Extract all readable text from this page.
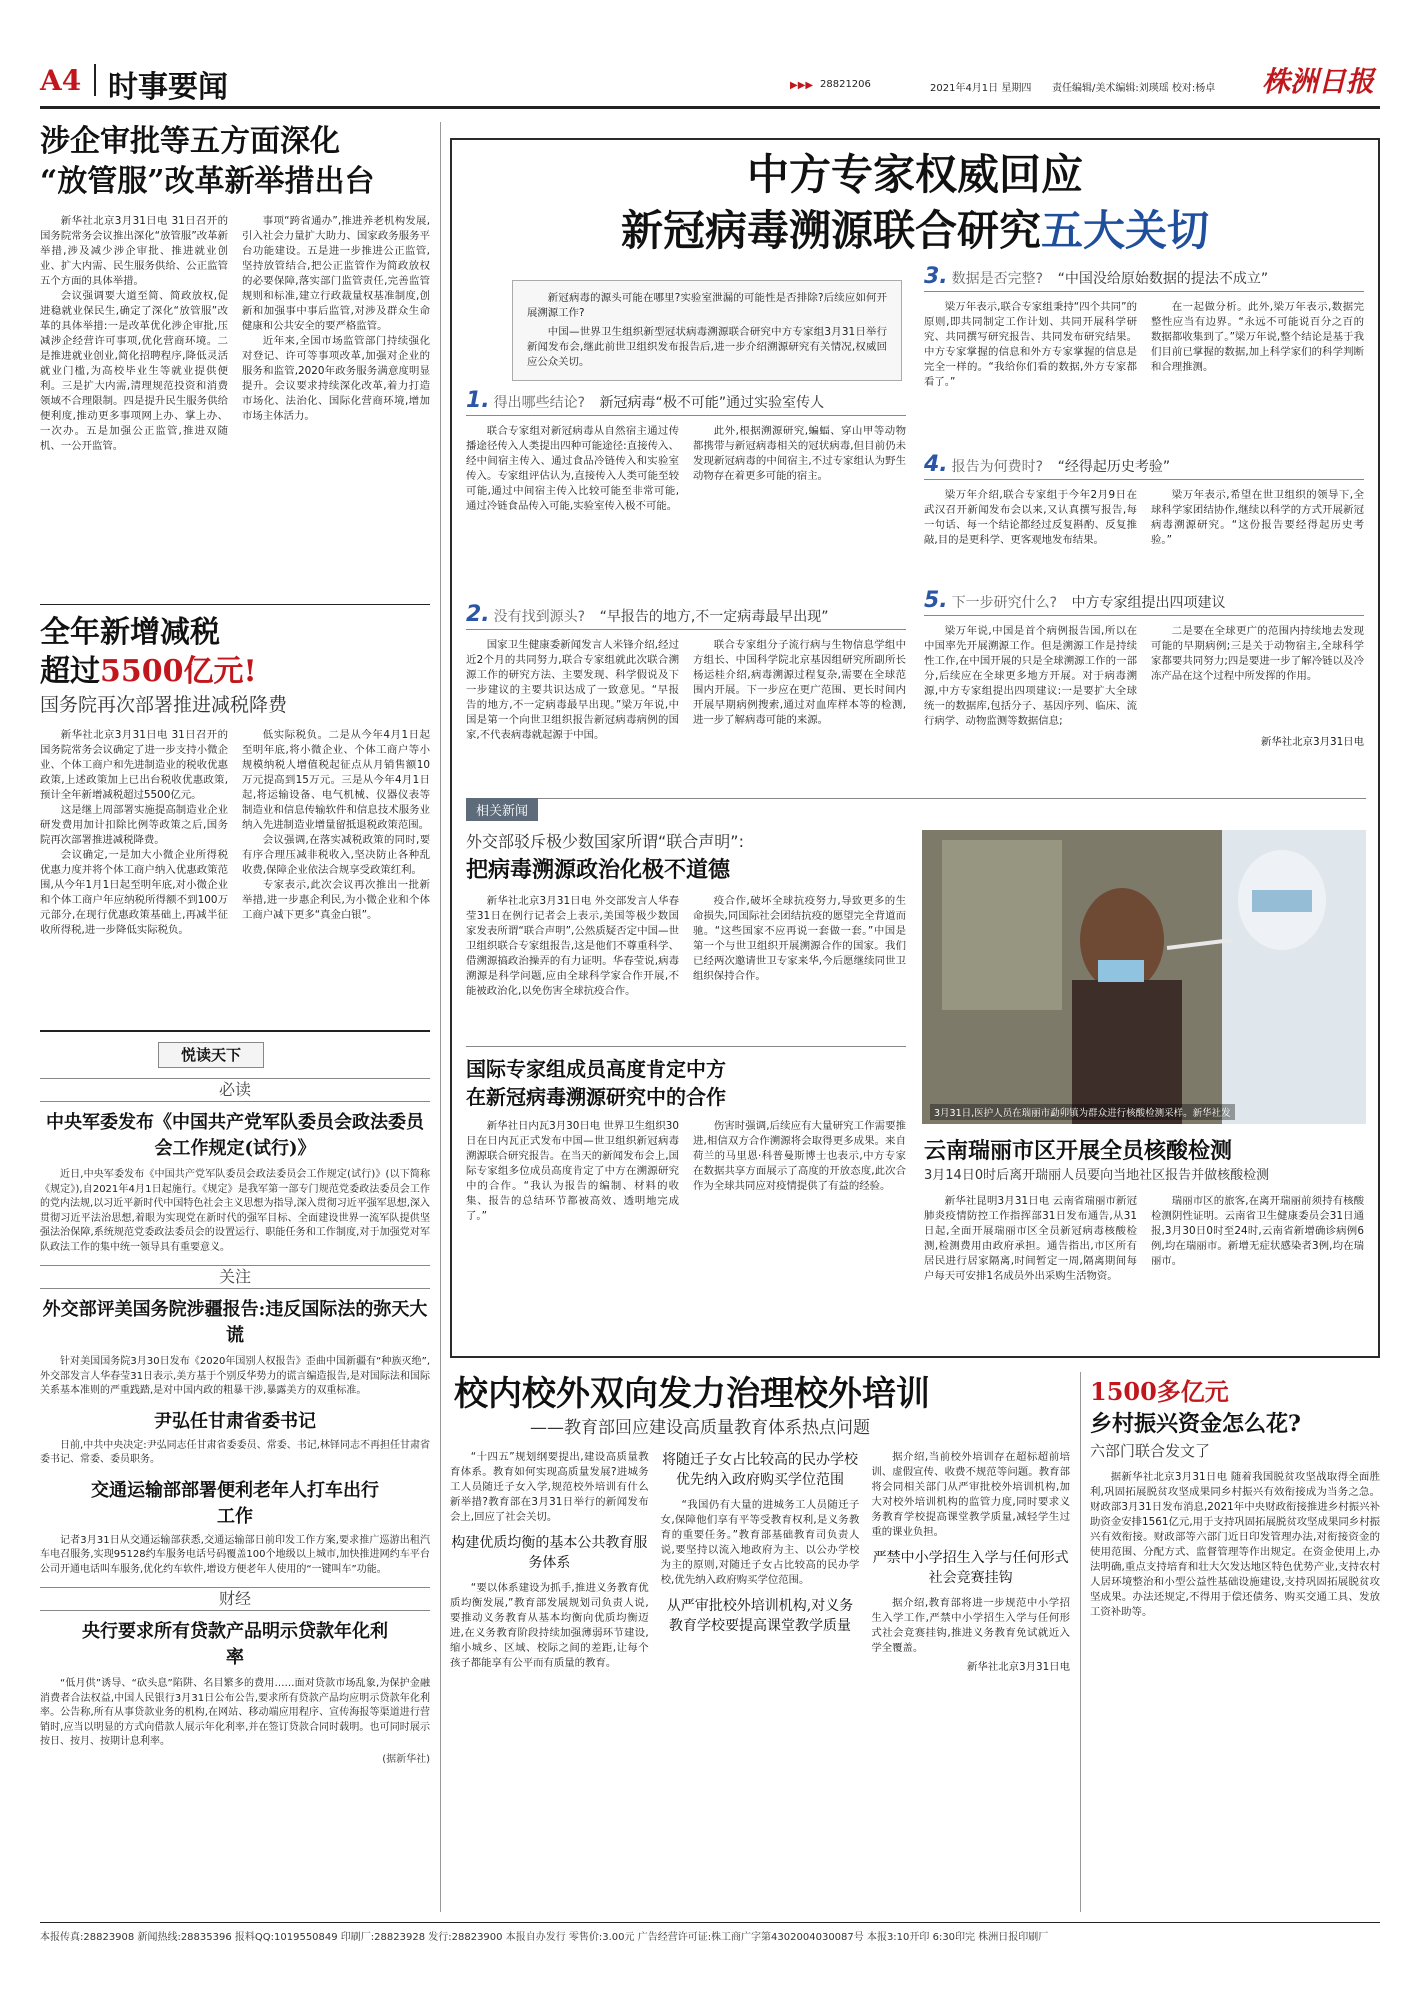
A4 时事要闻	▶▶▶ 28821206	2021年4月1日 星期四 责任编辑/美术编辑:刘瑛瑶 校对:杨卓 株洲日报
涉企审批等五方面深化
“放管服”改革新举措出台

新华社北京3月31日电 31日召开的国务院常务会议推出深化“放管服”改革新举措,涉及减少涉企审批、推进就业创业、扩大内需、民生服务供给、公正监管五个方面的具体举措。

会议强调要大道至简、简政放权,促进稳就业保民生,确定了深化“放管服”改革的具体举措:一是改革优化涉企审批,压减涉企经营许可事项,优化营商环境。二是推进就业创业,简化招聘程序,降低灵活就业门槛,为高校毕业生等就业提供便利。三是扩大内需,清理规范投资和消费领域不合理限制。四是提升民生服务供给便利度,推动更多事项网上办、掌上办、一次办。五是加强公正监管,推进双随机、一公开监管。

事项“跨省通办”,推进养老机构发展,引入社会力量扩大助力、国家政务服务平台功能建设。五是进一步推进公正监管,坚持放管结合,把公正监管作为简政放权的必要保障,落实部门监管责任,完善监管规则和标准,建立行政裁量权基准制度,创新和加强事中事后监管,对涉及群众生命健康和公共安全的要严格监管。

近年来,全国市场监管部门持续强化对登记、许可等事项改革,加强对企业的服务和监管,2020年政务服务满意度明显提升。会议要求持续深化改革,着力打造市场化、法治化、国际化营商环境,增加市场主体活力。

全年新增减税
超过5500亿元!
国务院再次部署推进减税降费

新华社北京3月31日电 31日召开的国务院常务会议确定了进一步支持小微企业、个体工商户和先进制造业的税收优惠政策,上述政策加上已出台税收优惠政策,预计全年新增减税超过5500亿元。

这是继上周部署实施提高制造业企业研发费用加计扣除比例等政策之后,国务院再次部署推进减税降费。

会议确定,一是加大小微企业所得税优惠力度并将个体工商户纳入优惠政策范围,从今年1月1日起至明年底,对小微企业和个体工商户年应纳税所得额不到100万元部分,在现行优惠政策基础上,再减半征收所得税,进一步降低实际税负。

低实际税负。二是从今年4月1日起至明年底,将小微企业、个体工商户等小规模纳税人增值税起征点从月销售额10万元提高到15万元。三是从今年4月1日起,将运输设备、电气机械、仪器仪表等制造业和信息传输软件和信息技术服务业纳入先进制造业增量留抵退税政策范围。

会议强调,在落实减税政策的同时,要有序合理压减非税收入,坚决防止各种乱收费,保障企业依法合规享受政策红利。

专家表示,此次会议再次推出一批新举措,进一步惠企利民,为小微企业和个体工商户减下更多“真金白银”。

悦读天下
必读
中央军委发布《中国共产党军队委员会政法委员会工作规定(试行)》

近日,中央军委发布《中国共产党军队委员会政法委员会工作规定(试行)》(以下简称《规定》),自2021年4月1日起施行。《规定》是我军第一部专门规范党委政法委员会工作的党内法规,以习近平新时代中国特色社会主义思想为指导,深入贯彻习近平强军思想,深入贯彻习近平法治思想,着眼为实现党在新时代的强军目标、全面建设世界一流军队提供坚强法治保障,系统规范党委政法委员会的设置运行、职能任务和工作制度,对于加强党对军队政法工作的集中统一领导具有重要意义。

关注
外交部评美国务院涉疆报告:违反国际法的弥天大谎

针对美国国务院3月30日发布《2020年国别人权报告》歪曲中国新疆有“种族灭绝”,外交部发言人华春莹31日表示,美方基于个别反华势力的谎言编造报告,是对国际法和国际关系基本准则的严重践踏,是对中国内政的粗暴干涉,暴露美方的双重标准。

尹弘任甘肃省委书记

日前,中共中央决定:尹弘同志任甘肃省委委员、常委、书记,林铎同志不再担任甘肃省委书记、常委、委员职务。

交通运输部部署便利老年人打车出行工作

记者3月31日从交通运输部获悉,交通运输部日前印发工作方案,要求推广巡游出租汽车电召服务,实现95128约车服务电话号码覆盖100个地级以上城市,加快推进网约车平台公司开通电话叫车服务,优化约车软件,增设方便老年人使用的“一键叫车”功能。

财经
央行要求所有贷款产品明示贷款年化利率

“低月供”诱导、“砍头息”陷阱、名目繁多的费用……面对贷款市场乱象,为保护金融消费者合法权益,中国人民银行3月31日公布公告,要求所有贷款产品均应明示贷款年化利率。公告称,所有从事贷款业务的机构,在网站、移动端应用程序、宣传海报等渠道进行营销时,应当以明显的方式向借款人展示年化利率,并在签订贷款合同时载明。也可同时展示按日、按月、按期计息利率。

(据新华社)
中方专家权威回应
新冠病毒溯源联合研究五大关切

新冠病毒的源头可能在哪里?实验室泄漏的可能性是否排除?后续应如何开展溯源工作?

中国—世界卫生组织新型冠状病毒溯源联合研究中方专家组3月31日举行新闻发布会,继此前世卫组织发布报告后,进一步介绍溯源研究有关情况,权威回应公众关切。

1. 得出哪些结论? 新冠病毒“极不可能”通过实验室传人

联合专家组对新冠病毒从自然宿主通过传播途径传入人类提出四种可能途径:直接传入、经中间宿主传入、通过食品冷链传入和实验室传入。专家组评估认为,直接传入人类可能至较可能,通过中间宿主传入比较可能至非常可能,通过冷链食品传入可能,实验室传入极不可能。

此外,根据溯源研究,蝙蝠、穿山甲等动物都携带与新冠病毒相关的冠状病毒,但目前仍未发现新冠病毒的中间宿主,不过专家组认为野生动物存在着更多可能的宿主。

2. 没有找到源头? “早报告的地方,不一定病毒最早出现”

国家卫生健康委新闻发言人米锋介绍,经过近2个月的共同努力,联合专家组就此次联合溯源工作的研究方法、主要发现、科学假说及下一步建议的主要共识达成了一致意见。“早报告的地方,不一定病毒最早出现。”梁万年说,中国是第一个向世卫组织报告新冠病毒病例的国家,不代表病毒就起源于中国。

联合专家组分子流行病与生物信息学组中方组长、中国科学院北京基因组研究所副所长杨运桂介绍,病毒溯源过程复杂,需要在全球范围内开展。下一步应在更广范围、更长时间内开展早期病例搜索,通过对血库样本等的检测,进一步了解病毒可能的来源。

3. 数据是否完整? “中国没给原始数据的提法不成立”

梁万年表示,联合专家组秉持“四个共同”的原则,即共同制定工作计划、共同开展科学研究、共同撰写研究报告、共同发布研究结果。中方专家掌握的信息和外方专家掌握的信息是完全一样的。“我给你们看的数据,外方专家都看了。”

在一起做分析。此外,梁万年表示,数据完整性应当有边界。“永远不可能说百分之百的数据都收集到了。”梁万年说,整个结论是基于我们目前已掌握的数据,加上科学家们的科学判断和合理推测。

4. 报告为何费时? “经得起历史考验”

梁万年介绍,联合专家组于今年2月9日在武汉召开新闻发布会以来,又认真撰写报告,每一句话、每一个结论都经过反复斟酌、反复推敲,目的是更科学、更客观地发布结果。

梁万年表示,希望在世卫组织的领导下,全球科学家团结协作,继续以科学的方式开展新冠病毒溯源研究。“这份报告要经得起历史考验。”

5. 下一步研究什么? 中方专家组提出四项建议

梁万年说,中国是首个病例报告国,所以在中国率先开展溯源工作。但是溯源工作是持续性工作,在中国开展的只是全球溯源工作的一部分,后续应在全球更多地方开展。对于病毒溯源,中方专家组提出四项建议:一是要扩大全球统一的数据库,包括分子、基因序列、临床、流行病学、动物监测等数据信息;

二是要在全球更广的范围内持续地去发现可能的早期病例;三是关于动物宿主,全球科学家都要共同努力;四是要进一步了解冷链以及冷冻产品在这个过程中所发挥的作用。

新华社北京3月31日电
相关新闻
外交部驳斥极少数国家所谓“联合声明”:
把病毒溯源政治化极不道德

新华社北京3月31日电 外交部发言人华春莹31日在例行记者会上表示,美国等极少数国家发表所谓“联合声明”,公然质疑否定中国—世卫组织联合专家组报告,这是他们不尊重科学、借溯源搞政治操弄的有力证明。华春莹说,病毒溯源是科学问题,应由全球科学家合作开展,不能被政治化,以免伤害全球抗疫合作。

疫合作,破坏全球抗疫努力,导致更多的生命损失,同国际社会团结抗疫的愿望完全背道而驰。“这些国家不应再说一套做一套。”中国是第一个与世卫组织开展溯源合作的国家。我们已经两次邀请世卫专家来华,今后愿继续同世卫组织保持合作。

3月31日,医护人员在瑞丽市勐卯镇为群众进行核酸检测采样。新华社发
国际专家组成员高度肯定中方
在新冠病毒溯源研究中的合作

新华社日内瓦3月30日电 世界卫生组织30日在日内瓦正式发布中国—世卫组织新冠病毒溯源联合研究报告。在当天的新闻发布会上,国际专家组多位成员高度肯定了中方在溯源研究中的合作。“我认为报告的编制、材料的收集、报告的总结环节都被高效、透明地完成了。”

伤害时强调,后续应有大量研究工作需要推进,相信双方合作溯源将会取得更多成果。来自荷兰的马里恩·科普曼斯博士也表示,中方专家在数据共享方面展示了高度的开放态度,此次合作为全球共同应对疫情提供了有益的经验。

云南瑞丽市区开展全员核酸检测
3月14日0时后离开瑞丽人员要向当地社区报告并做核酸检测

新华社昆明3月31日电 云南省瑞丽市新冠肺炎疫情防控工作指挥部31日发布通告,从31日起,全面开展瑞丽市区全员新冠病毒核酸检测,检测费用由政府承担。通告指出,市区所有居民进行居家隔离,时间暂定一周,隔离期间每户每天可安排1名成员外出采购生活物资。

瑞丽市区的旅客,在离开瑞丽前须持有核酸检测阴性证明。云南省卫生健康委员会31日通报,3月30日0时至24时,云南省新增确诊病例6例,均在瑞丽市。新增无症状感染者3例,均在瑞丽市。

校内校外双向发力治理校外培训
——教育部回应建设高质量教育体系热点问题

“十四五”规划纲要提出,建设高质量教育体系。教育如何实现高质量发展?进城务工人员随迁子女入学,规范校外培训有什么新举措?教育部在3月31日举行的新闻发布会上,回应了社会关切。

构建优质均衡的基本公共教育服务体系

“要以体系建设为抓手,推进义务教育优质均衡发展,”教育部发展规划司负责人说,要推动义务教育从基本均衡向优质均衡迈进,在义务教育阶段持续加强薄弱环节建设,缩小城乡、区域、校际之间的差距,让每个孩子都能享有公平而有质量的教育。

将随迁子女占比较高的民办学校优先纳入政府购买学位范围

“我国仍有大量的进城务工人员随迁子女,保障他们享有平等受教育权利,是义务教育的重要任务。”教育部基础教育司负责人说,要坚持以流入地政府为主、以公办学校为主的原则,对随迁子女占比较高的民办学校,优先纳入政府购买学位范围。

从严审批校外培训机构,对义务教育学校要提高课堂教学质量

据介绍,当前校外培训存在超标超前培训、虚假宣传、收费不规范等问题。教育部将会同相关部门从严审批校外培训机构,加大对校外培训机构的监管力度,同时要求义务教育学校提高课堂教学质量,减轻学生过重的课业负担。

严禁中小学招生入学与任何形式社会竞赛挂钩

据介绍,教育部将进一步规范中小学招生入学工作,严禁中小学招生入学与任何形式社会竞赛挂钩,推进义务教育免试就近入学全覆盖。

新华社北京3月31日电
1500多亿元
乡村振兴资金怎么花?
六部门联合发文了

据新华社北京3月31日电 随着我国脱贫攻坚战取得全面胜利,巩固拓展脱贫攻坚成果同乡村振兴有效衔接成为当务之急。财政部3月31日发布消息,2021年中央财政衔接推进乡村振兴补助资金安排1561亿元,用于支持巩固拓展脱贫攻坚成果同乡村振兴有效衔接。财政部等六部门近日印发管理办法,对衔接资金的使用范围、分配方式、监督管理等作出规定。在资金使用上,办法明确,重点支持培育和壮大欠发达地区特色优势产业,支持农村人居环境整治和小型公益性基础设施建设,支持巩固拓展脱贫攻坚成果。办法还规定,不得用于偿还债务、购买交通工具、发放工资补助等。

本报传真:28823908 新闻热线:28835396 报料QQ:1019550849 印刷厂:28823928 发行:28823900 本报自办发行 零售价:3.00元 广告经营许可证:株工商广字第4302004030087号 本报3:10开印 6:30印完 株洲日报印刷厂
